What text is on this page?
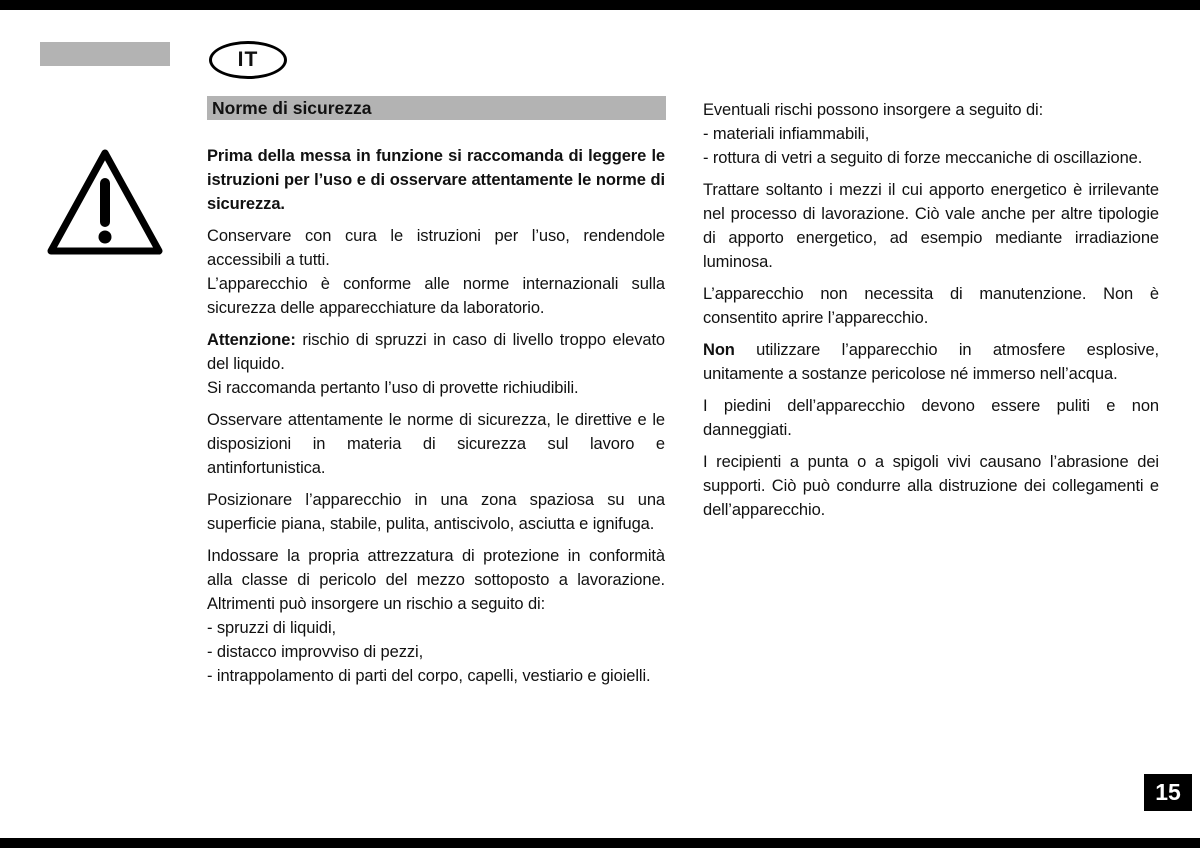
IT
Norme di sicurezza

Prima della messa in funzione si raccomanda di leggere le istruzioni per l’uso e di osservare attentamente le norme di sicurezza.

Conservare con cura le istruzioni per l’uso, rendendole accessibili a tutti.

L’apparecchio è conforme alle norme internazionali sulla sicurezza delle apparecchiature da laboratorio.

Attenzione: rischio di spruzzi in caso di livello troppo elevato del liquido.

Si raccomanda pertanto l’uso di provette richiudibili.

Osservare attentamente le norme di sicurezza, le direttive e le disposizioni in materia di sicurezza sul lavoro e antinfortunistica.

Posizionare l’apparecchio in una zona spaziosa su una superficie piana, stabile, pulita, antiscivolo, asciutta e ignifuga.

Indossare la propria attrezzatura di protezione in conformità alla classe di pericolo del mezzo sottoposto a lavorazione. Altrimenti può insorgere un rischio a seguito di:

- spruzzi di liquidi,

- distacco improvviso di pezzi,

- intrappolamento di parti del corpo, capelli, vestiario e gioielli.

Eventuali rischi possono insorgere a seguito di:

- materiali infiammabili,

- rottura di vetri a seguito di forze meccaniche di oscillazione.

Trattare soltanto i mezzi il cui apporto energetico è irrilevante nel processo di lavorazione. Ciò vale anche per altre tipologie di apporto energetico, ad esempio mediante irradiazione luminosa.

L’apparecchio non necessita di manutenzione. Non è consentito aprire l’apparecchio.

Non utilizzare l’apparecchio in atmosfere esplosive, unitamente a sostanze pericolose né immerso nell’acqua.

I piedini dell’apparecchio devono essere puliti e non danneggiati.

I recipienti a punta o a spigoli vivi causano l’abrasione dei supporti. Ciò può condurre alla distruzione dei collegamenti e dell’apparecchio.

15
